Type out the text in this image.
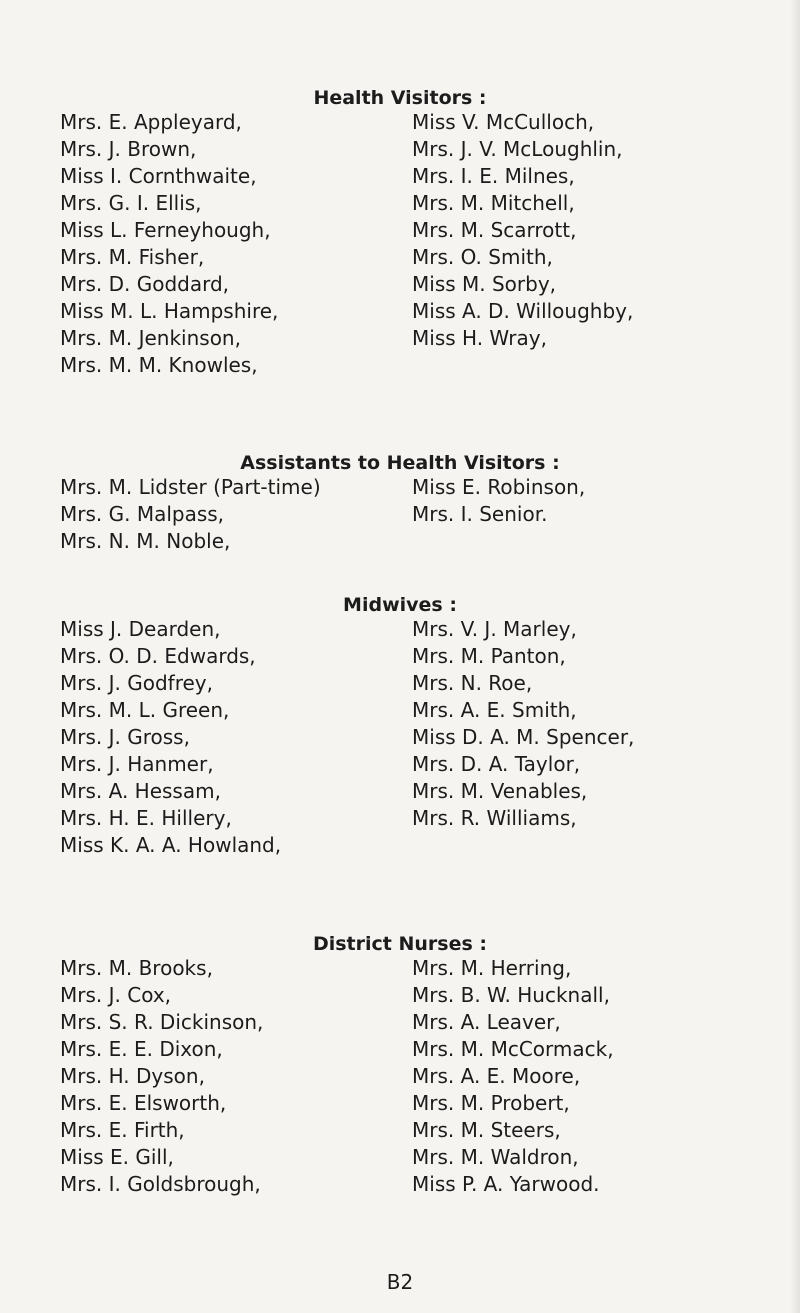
Health Visitors :
Mrs. E. Appleyard,
Mrs. J. Brown,
Miss I. Cornthwaite,
Mrs. G. I. Ellis,
Miss L. Ferneyhough,
Mrs. M. Fisher,
Mrs. D. Goddard,
Miss M. L. Hampshire,
Mrs. M. Jenkinson,
Mrs. M. M. Knowles,
Miss V. McCulloch,
Mrs. J. V. McLoughlin,
Mrs. I. E. Milnes,
Mrs. M. Mitchell,
Mrs. M. Scarrott,
Mrs. O. Smith,
Miss M. Sorby,
Miss A. D. Willoughby,
Miss H. Wray,
Assistants to Health Visitors :
Mrs. M. Lidster (Part-time)
Mrs. G. Malpass,
Mrs. N. M. Noble,
Miss E. Robinson,
Mrs. I. Senior.
Midwives :
Miss J. Dearden,
Mrs. O. D. Edwards,
Mrs. J. Godfrey,
Mrs. M. L. Green,
Mrs. J. Gross,
Mrs. J. Hanmer,
Mrs. A. Hessam,
Mrs. H. E. Hillery,
Miss K. A. A. Howland,
Mrs. V. J. Marley,
Mrs. M. Panton,
Mrs. N. Roe,
Mrs. A. E. Smith,
Miss D. A. M. Spencer,
Mrs. D. A. Taylor,
Mrs. M. Venables,
Mrs. R. Williams,
District Nurses :
Mrs. M. Brooks,
Mrs. J. Cox,
Mrs. S. R. Dickinson,
Mrs. E. E. Dixon,
Mrs. H. Dyson,
Mrs. E. Elsworth,
Mrs. E. Firth,
Miss E. Gill,
Mrs. I. Goldsbrough,
Mrs. M. Herring,
Mrs. B. W. Hucknall,
Mrs. A. Leaver,
Mrs. M. McCormack,
Mrs. A. E. Moore,
Mrs. M. Probert,
Mrs. M. Steers,
Mrs. M. Waldron,
Miss P. A. Yarwood.
B2
